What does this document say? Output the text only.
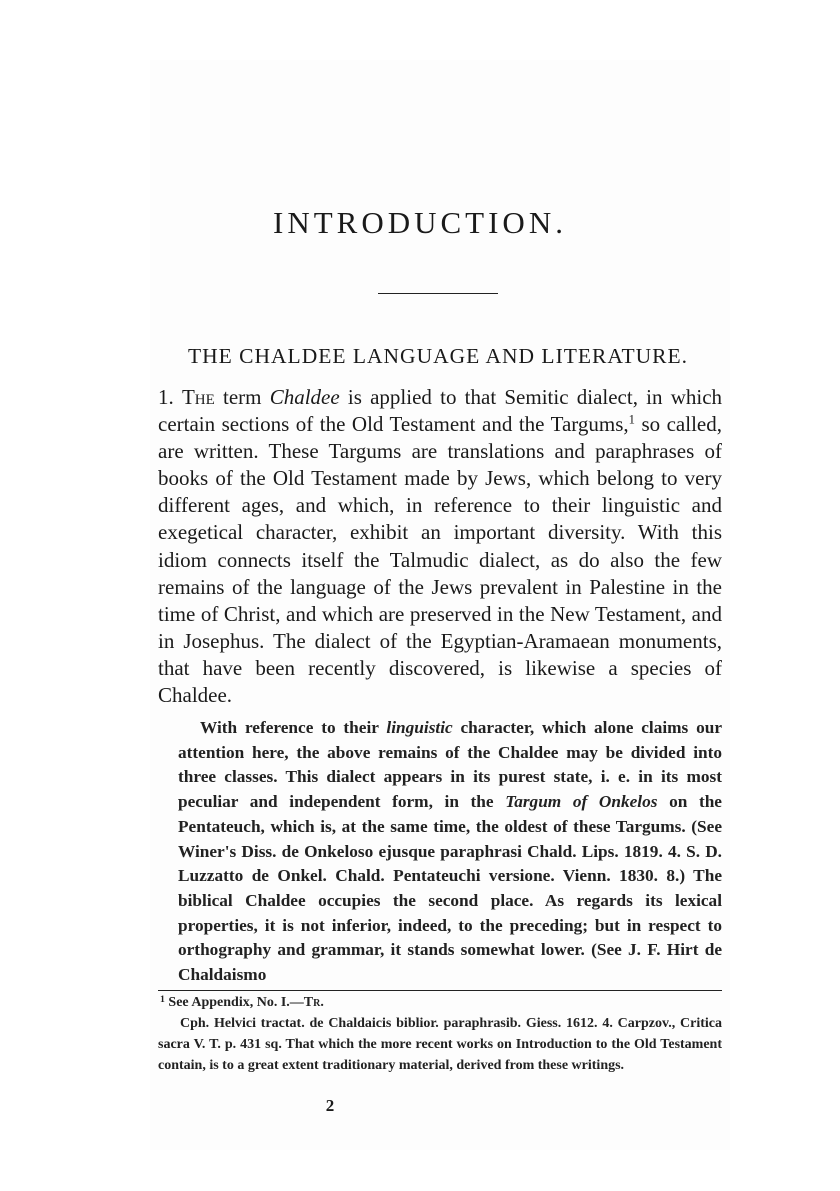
INTRODUCTION.
THE CHALDEE LANGUAGE AND LITERATURE.

1. The term Chaldee is applied to that Semitic dialect, in which certain sections of the Old Testament and the Targums,$^1$ so called, are written. These Targums are translations and paraphrases of books of the Old Testament made by Jews, which belong to very different ages, and which, in reference to their linguistic and exegetical character, exhibit an important diversity. With this idiom connects itself the Talmudic dialect, as do also the few remains of the language of the Jews prevalent in Palestine in the time of Christ, and which are preserved in the New Testament, and in Josephus. The dialect of the Egyptian-Aramaean monuments, that have been recently discovered, is likewise a species of Chaldee.

With reference to their linguistic character, which alone claims our attention here, the above remains of the Chaldee may be divided into three classes. This dialect appears in its purest state, i. e. in its most peculiar and independent form, in the Targum of Onkelos on the Pentateuch, which is, at the same time, the oldest of these Targums. (See Winer's Diss. de Onkeloso ejusque paraphrasi Chald. Lips. 1819. 4. S. D. Luzzatto de Onkel. Chald. Pentateuchi versione. Vienn. 1830. 8.) The biblical Chaldee occupies the second place. As regards its lexical properties, it is not inferior, indeed, to the preceding; but in respect to orthography and grammar, it stands somewhat lower. (See J. F. Hirt de Chaldaismo

$^1$ See Appendix, No. I.—Tr.

Cph. Helvici tractat. de Chaldaicis biblior. paraphrasib. Giess. 1612. 4. Carpzov., Critica sacra V. T. p. 431 sq. That which the more recent works on Introduction to the Old Testament contain, is to a great extent traditionary material, derived from these writings.

2
